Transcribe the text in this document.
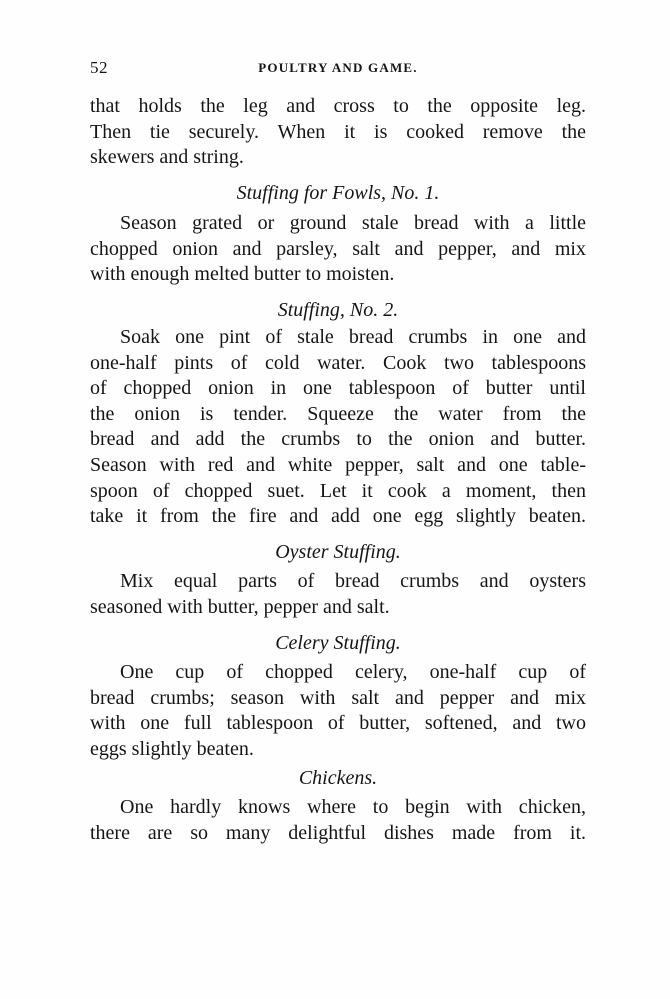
52	POULTRY AND GAME.
that holds the leg and cross to the opposite leg.
Then tie securely. When it is cooked remove the
skewers and string.
Stuffing for Fowls, No. 1.
Season grated or ground stale bread with a little
chopped onion and parsley, salt and pepper, and mix
with enough melted butter to moisten.
Stuffing, No. 2.
Soak one pint of stale bread crumbs in one and
one-half pints of cold water. Cook two tablespoons
of chopped onion in one tablespoon of butter until
the onion is tender. Squeeze the water from the
bread and add the crumbs to the onion and butter.
Season with red and white pepper, salt and one table-
spoon of chopped suet. Let it cook a moment, then
take it from the fire and add one egg slightly beaten.
Oyster Stuffing.
Mix equal parts of bread crumbs and oysters
seasoned with butter, pepper and salt.
Celery Stuffing.
One cup of chopped celery, one-half cup of
bread crumbs; season with salt and pepper and mix
with one full tablespoon of butter, softened, and two
eggs slightly beaten.
Chickens.
One hardly knows where to begin with chicken,
there are so many delightful dishes made from it.
